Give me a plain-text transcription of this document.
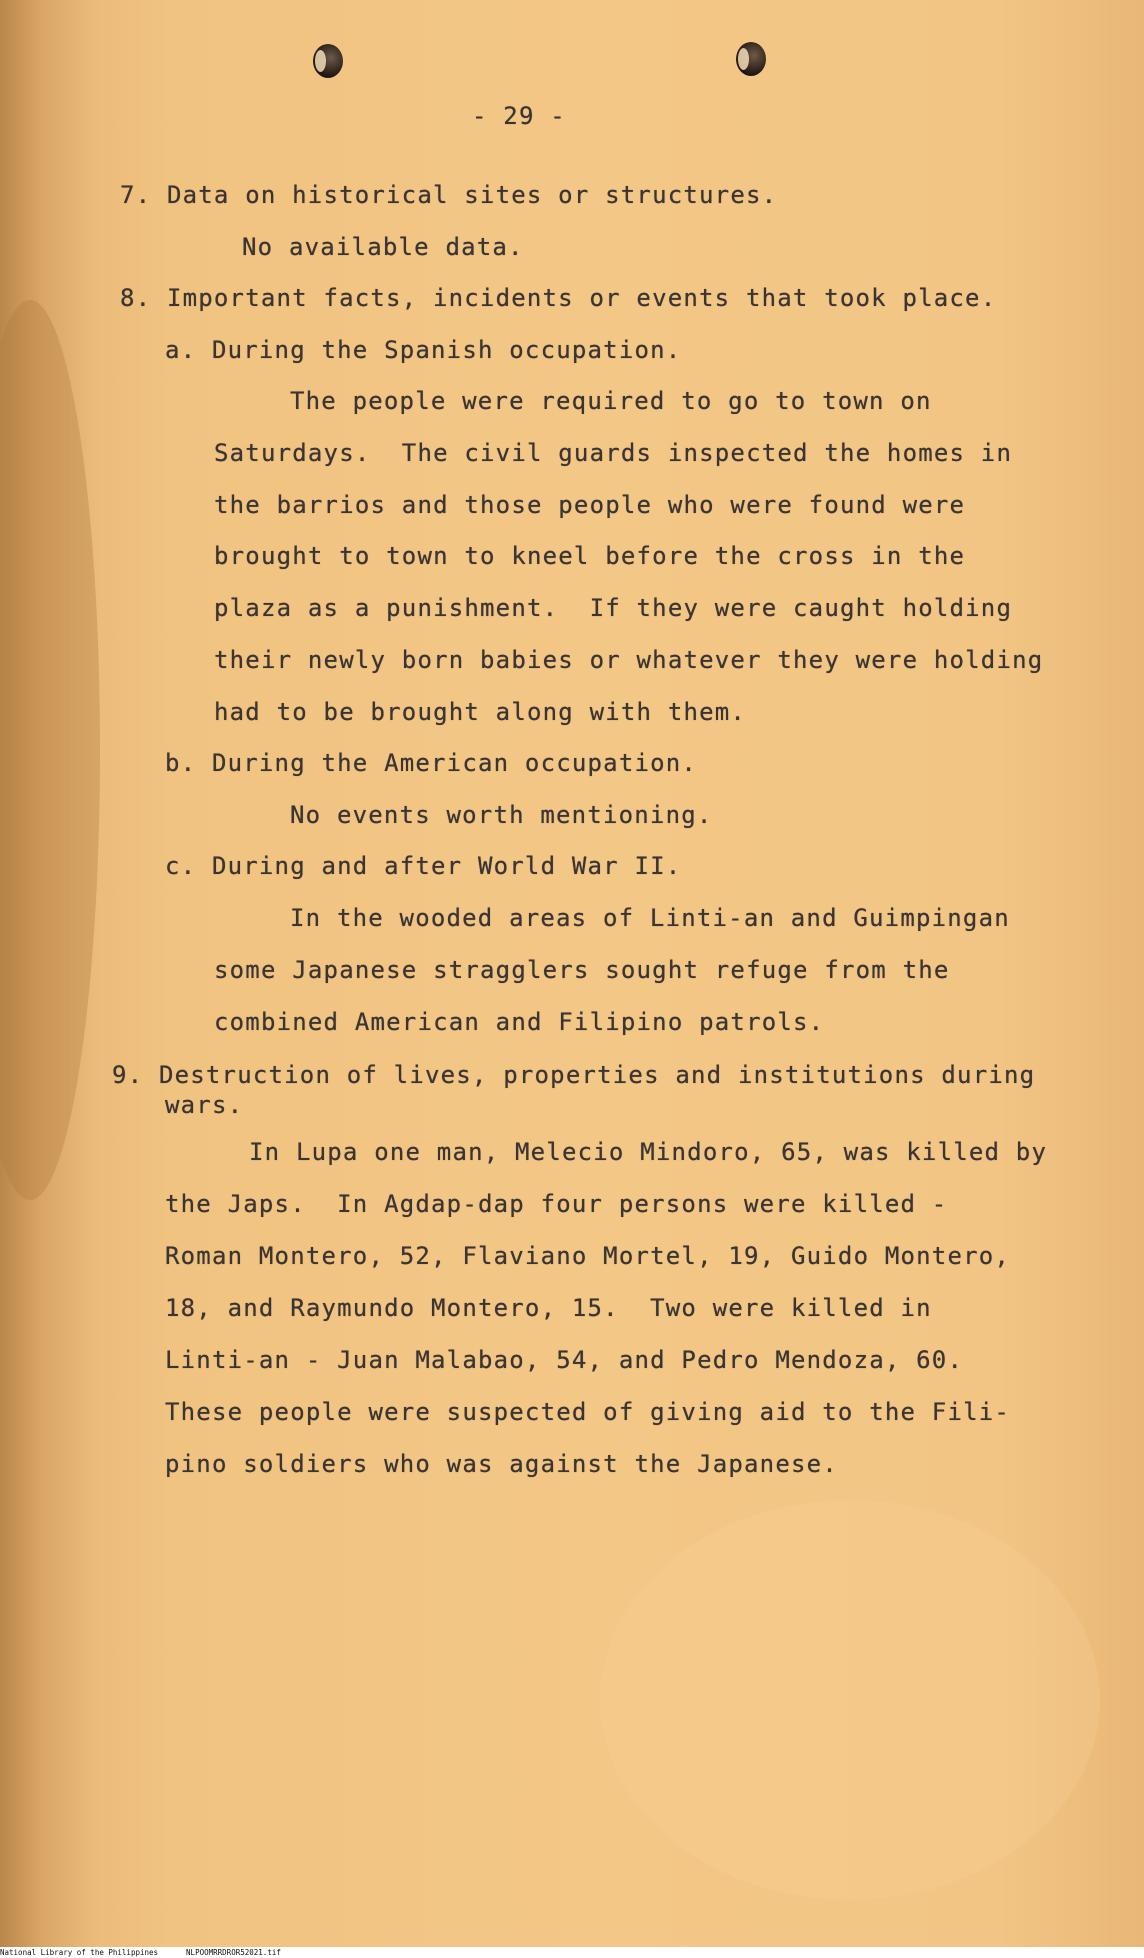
- 29 -
7. Data on historical sites or structures.
No available data.
8. Important facts, incidents or events that took place.
a. During the Spanish occupation.
The people were required to go to town on
Saturdays.  The civil guards inspected the homes in
the barrios and those people who were found were
brought to town to kneel before the cross in the
plaza as a punishment.  If they were caught holding
their newly born babies or whatever they were holding
had to be brought along with them.
b. During the American occupation.
No events worth mentioning.
c. During and after World War II.
In the wooded areas of Linti-an and Guimpingan
some Japanese stragglers sought refuge from the
combined American and Filipino patrols.
9. Destruction of lives, properties and institutions during
wars.
In Lupa one man, Melecio Mindoro, 65, was killed by
the Japs.  In Agdap-dap four persons were killed -
Roman Montero, 52, Flaviano Mortel, 19, Guido Montero,
18, and Raymundo Montero, 15.  Two were killed in
Linti-an - Juan Malabao, 54, and Pedro Mendoza, 60.
These people were suspected of giving aid to the Fili-
pino soldiers who was against the Japanese.
National Library of the Philippines	NLPOOMRRDROR52021.tif
